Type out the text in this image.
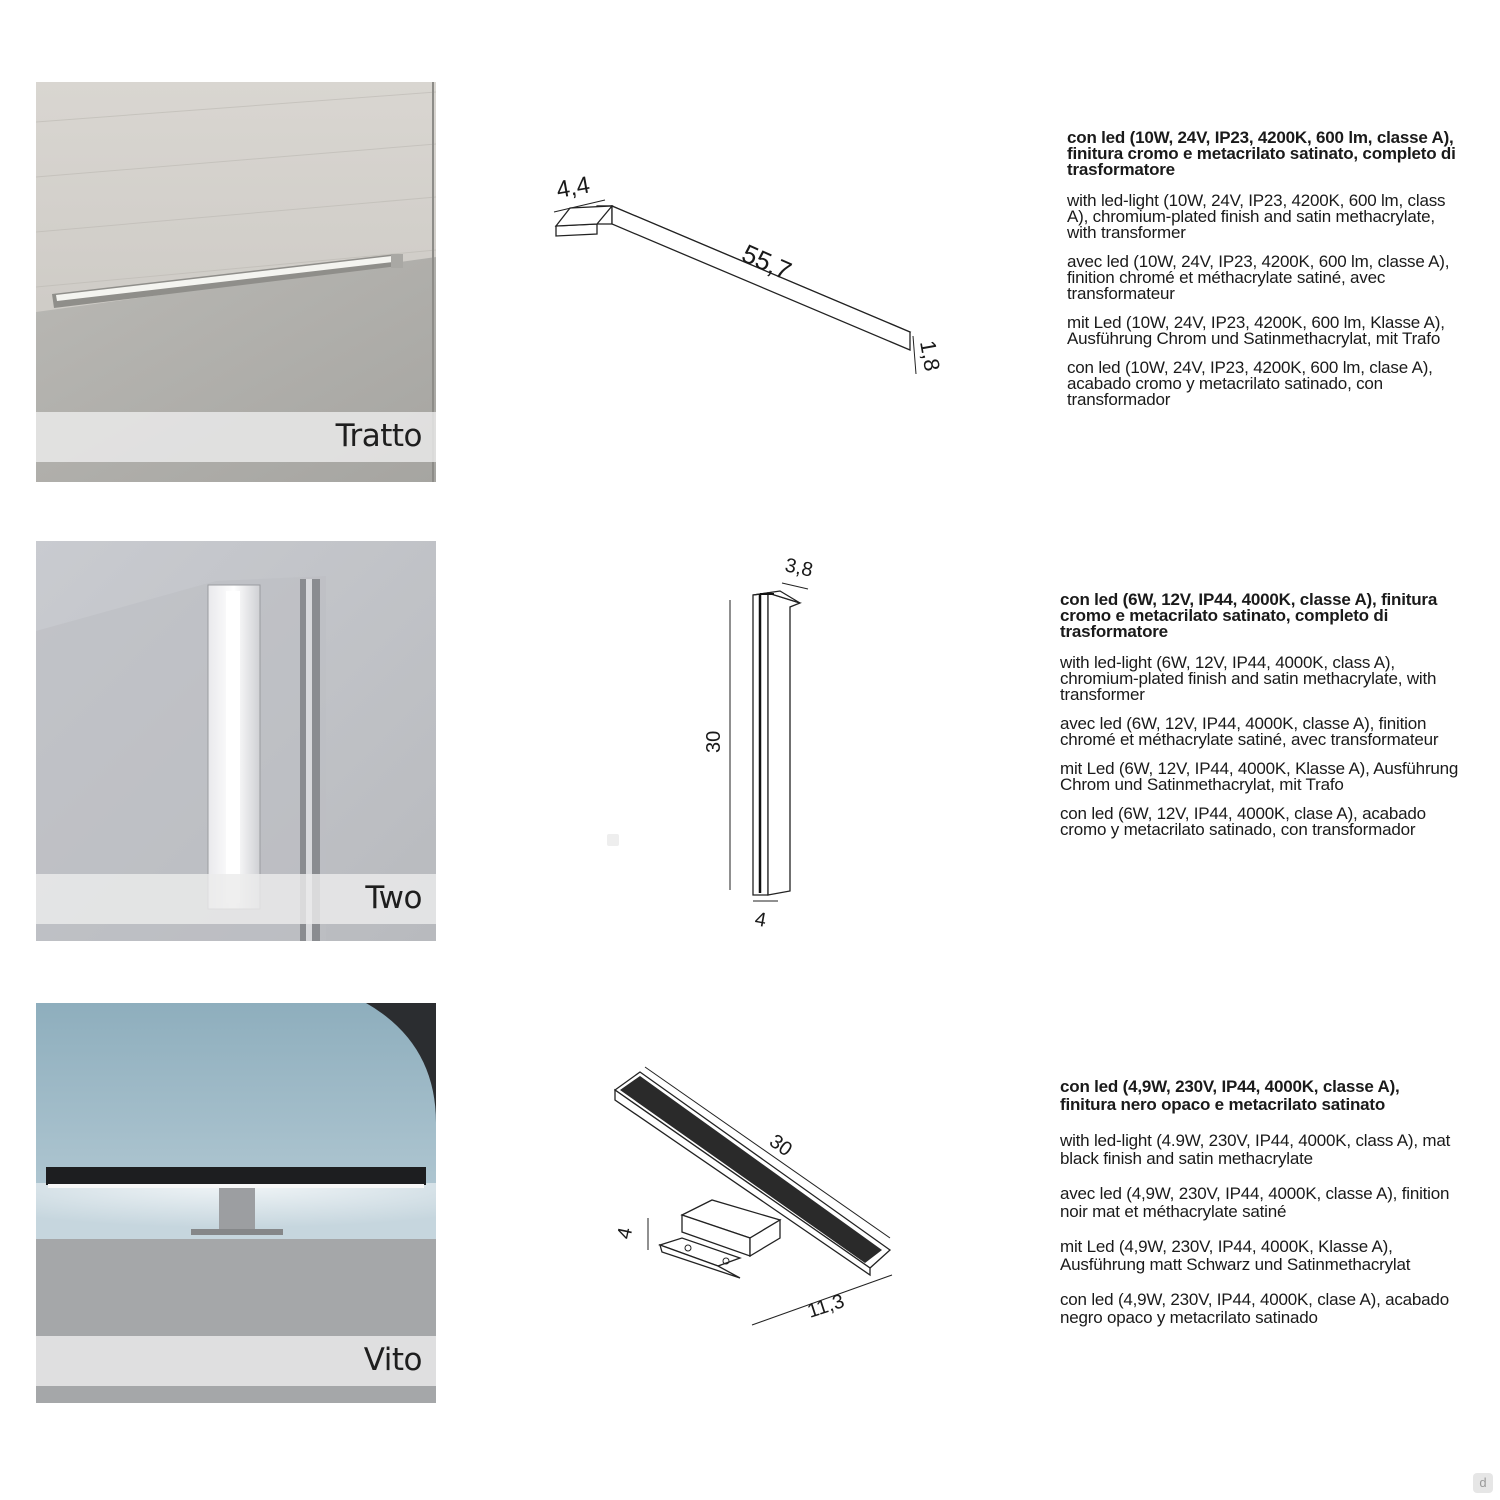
Tratto
4,4
55,7
1,8

con led (10W, 24V, IP23, 4200K, 600 lm, classe A), finitura cromo e metacrilato satinato, completo di trasformatore

with led-light (10W, 24V, IP23, 4200K, 600 lm, class A), chromium-plated finish and satin methacrylate, with transformer

avec led (10W, 24V, IP23, 4200K, 600 lm, classe A), finition chromé et méthacrylate satiné, avec transformateur

mit Led (10W, 24V, IP23, 4200K, 600 lm, Klasse A), Ausführung Chrom und Satinmethacrylat, mit Trafo

con led (10W, 24V, IP23, 4200K, 600 lm, clase A), acabado cromo y metacrilato satinado, con transformador

Two
3,8
30
4

con led (6W, 12V, IP44, 4000K, classe A), finitura cromo e metacrilato satinato, completo di trasformatore

with led-light (6W, 12V, IP44, 4000K, class A), chromium-plated finish and satin methacrylate, with transformer

avec led (6W, 12V, IP44, 4000K, classe A), finition chromé et méthacrylate satiné, avec transformateur

mit Led (6W, 12V, IP44, 4000K, Klasse A), Ausführung Chrom und Satinmethacrylat, mit Trafo

con led (6W, 12V, IP44, 4000K, clase A), acabado cromo y metacrilato satinado, con transformador

Vito
30
4
11,3

con led (4,9W, 230V, IP44, 4000K, classe A), finitura nero opaco e metacrilato satinato

with led-light (4.9W, 230V, IP44, 4000K, class A), mat black finish and satin methacrylate

avec led (4,9W, 230V, IP44, 4000K, classe A), finition noir mat et méthacrylate satiné

mit Led (4,9W, 230V, IP44, 4000K, Klasse A), Ausführung matt Schwarz und Satinmethacrylat

con led (4,9W, 230V, IP44, 4000K, clase A), acabado negro opaco y metacrilato satinado

d
